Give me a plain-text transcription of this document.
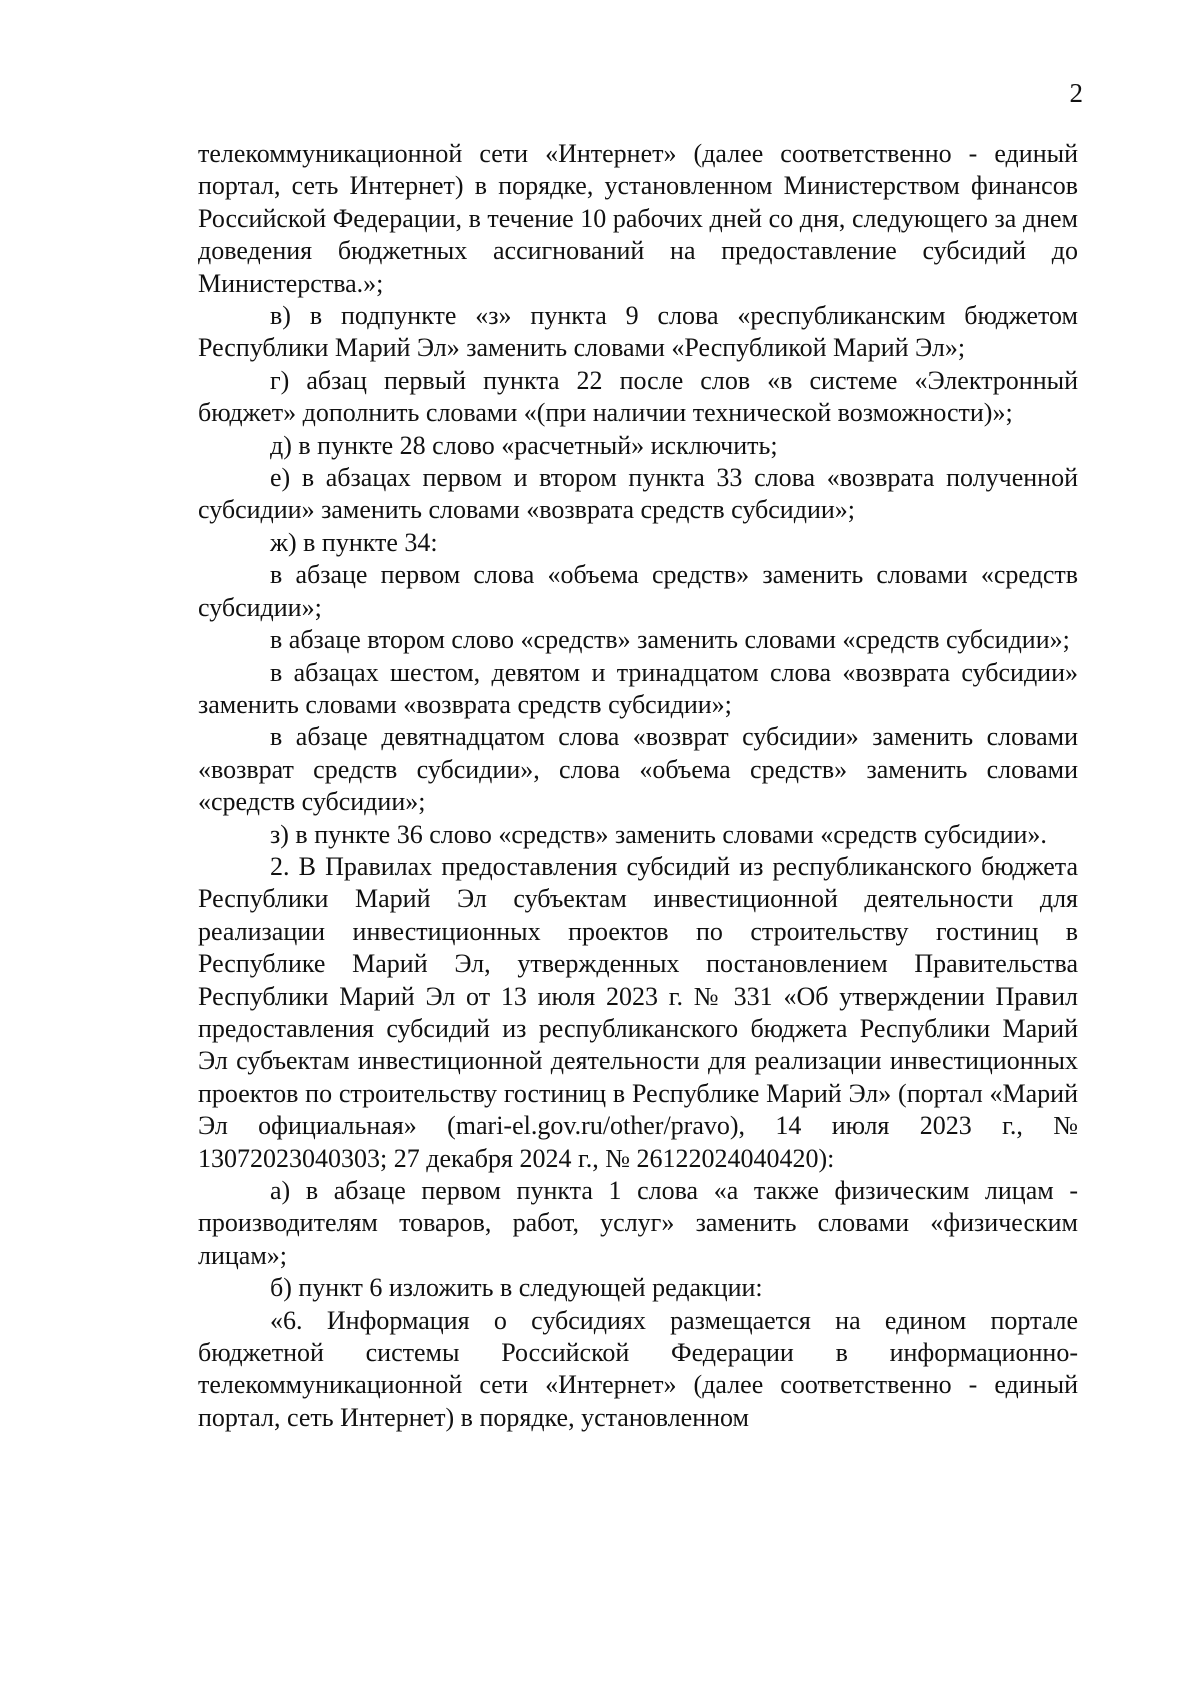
2

телекоммуникационной сети «Интернет» (далее соответственно - единый портал, сеть Интернет) в порядке, установленном Министерством финансов Российской Федерации, в течение 10 рабочих дней со дня, следующего за днем доведения бюджетных ассигнований на предоставление субсидий до Министерства.»;

в) в подпункте «з» пункта 9 слова «республиканским бюджетом Республики Марий Эл» заменить словами «Республикой Марий Эл»;

г) абзац первый пункта 22 после слов «в системе «Электронный бюджет» дополнить словами «(при наличии технической возможности)»;

д) в пункте 28 слово «расчетный» исключить;

е) в абзацах первом и втором пункта 33 слова «возврата полученной субсидии» заменить словами «возврата средств субсидии»;

ж) в пункте 34:

в абзаце первом слова «объема средств» заменить словами «средств субсидии»;

в абзаце втором слово «средств» заменить словами «средств субсидии»;

в абзацах шестом, девятом и тринадцатом слова «возврата субсидии» заменить словами «возврата средств субсидии»;

в абзаце девятнадцатом слова «возврат субсидии» заменить словами «возврат средств субсидии», слова «объема средств» заменить словами «средств субсидии»;

з) в пункте 36 слово «средств» заменить словами «средств субсидии».

2. В Правилах предоставления субсидий из республиканского бюджета Республики Марий Эл субъектам инвестиционной деятельности для реализации инвестиционных проектов по строительству гостиниц в Республике Марий Эл, утвержденных постановлением Правительства Республики Марий Эл от 13 июля 2023 г. № 331 «Об утверждении Правил предоставления субсидий из республиканского бюджета Республики Марий Эл субъектам инвестиционной деятельности для реализации инвестиционных проектов по строительству гостиниц в Республике Марий Эл» (портал «Марий Эл официальная» (mari-el.gov.ru/other/pravo), 14 июля 2023 г., № 13072023040303; 27 декабря 2024 г., № 26122024040420):

а) в абзаце первом пункта 1 слова «а также физическим лицам - производителям товаров, работ, услуг» заменить словами «физическим лицам»;

б) пункт 6 изложить в следующей редакции:

«6. Информация о субсидиях размещается на едином портале бюджетной системы Российской Федерации в информационно-телекоммуникационной сети «Интернет» (далее соответственно - единый портал, сеть Интернет) в порядке, установленном
